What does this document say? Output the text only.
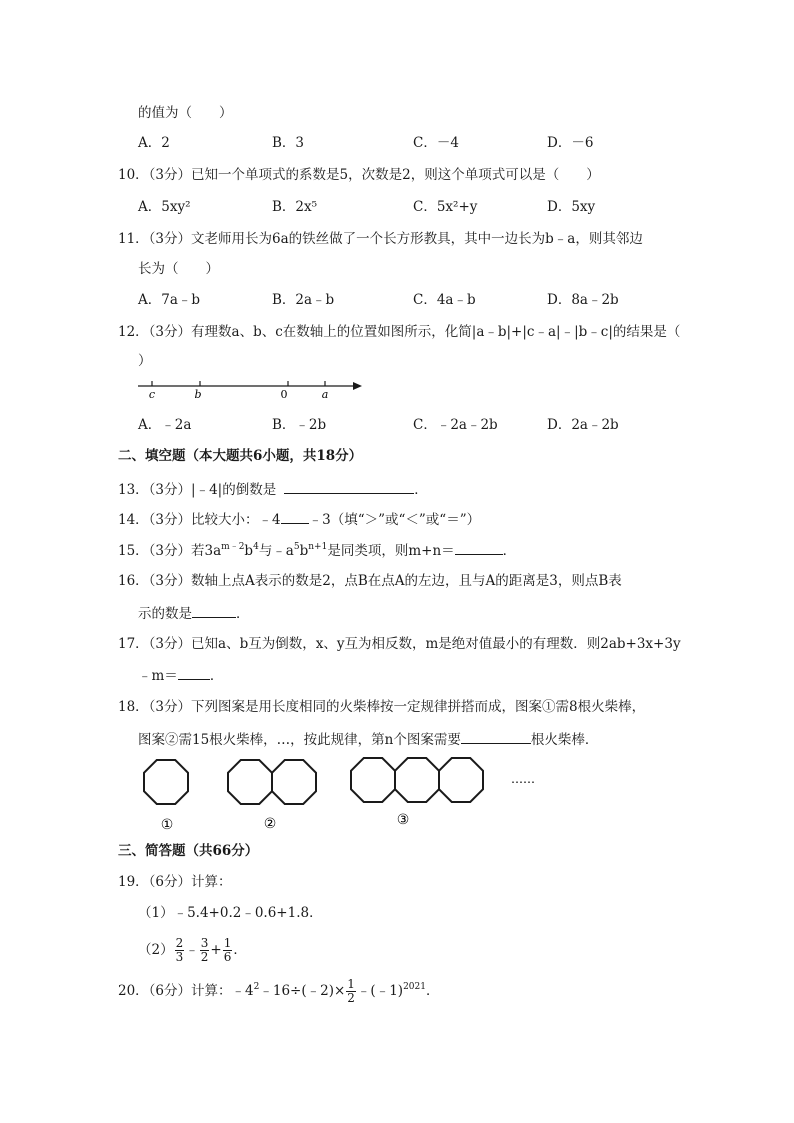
的值为（　　）
A．2	B．3	C．－4	D．－6
10．（3分）已知一个单项式的系数是5，次数是2，则这个单项式可以是（　　）
A．5xy²	B．2x⁵	C．5x²+y	D．5xy
11．（3分）文老师用长为6a的铁丝做了一个长方形教具，其中一边长为b﹣a，则其邻边
长为（　　）
A．7a﹣b	B．2a﹣b	C．4a﹣b	D．8a﹣2b
12．（3分）有理数a、b、c在数轴上的位置如图所示，化简|a﹣b|+|c﹣a|﹣|b﹣c|的结果是（
）
c	b	0	a
A．﹣2a	B．﹣2b	C．﹣2a﹣2b	D．2a﹣2b
二、填空题（本大题共6小题，共18分）
13．（3分）|﹣4|的倒数是	．
14．（3分）比较大小：﹣4 ﹣3（填“＞”或“＜”或“＝”）
15．（3分）若$3a^{m﹣2}b^4$与$﹣a^5b^{n+1}$是同类项，则m+n＝	．
16．（3分）数轴上点A表示的数是2，点B在点A的左边，且与A的距离是3，则点B表
示的数是	．
17．（3分）已知a、b互为倒数，x、y互为相反数，m是绝对值最小的有理数．则2ab+3x+3y
﹣m＝ ．
18．（3分）下列图案是用长度相同的火柴棒按一定规律拼搭而成，图案①需8根火柴棒，
图案②需15根火柴棒，…，按此规律，第n个图案需要	根火柴棒．
①	②	③
……
三、简答题（共66分）
19．（6分）计算：
（1）﹣5.4+0.2﹣0.6+1.8．
$(2) \frac{2}{3}$ ﹣ $\frac{3}{2} + \frac{1}{6}$ ．
20．（6分）计算：$﹣4^2﹣16\div(﹣2)\times \frac{1}{2}$ ﹣(﹣1)$^{2021}$．
